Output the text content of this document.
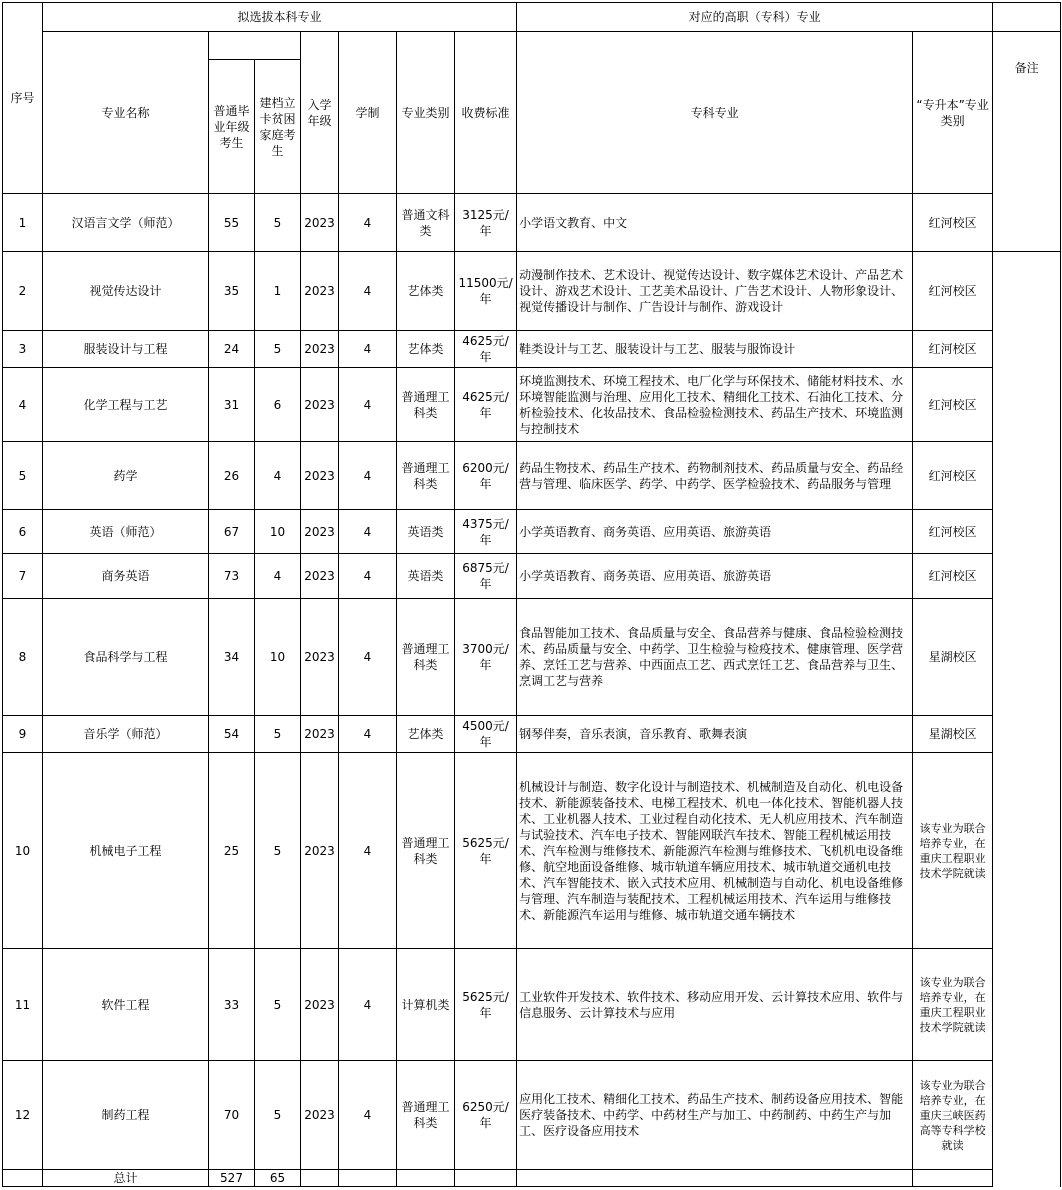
序号	拟选拔本科专业							对应的高职（专科）专业			
	专业名称			入学年级	学制	专业类别	收费标准	专科专业	“专升本”专业类别	备注	
		普通毕业年级考生	建档立卡贫困家庭考生								
1	汉语言文学（师范）	55	5	2023	4	普通文科类	3125元/年	小学语文教育、中文	红河校区		
2	视觉传达设计	35	1	2023	4	艺体类	11500元/年	动漫制作技术、艺术设计、视觉传达设计、数字媒体艺术设计、产品艺术设计、游戏艺术设计、工艺美术品设计、广告艺术设计、人物形象设计、视觉传播设计与制作、广告设计与制作、游戏设计	红河校区		
3	服装设计与工程	24	5	2023	4	艺体类	4625元/年	鞋类设计与工艺、服装设计与工艺、服装与服饰设计	红河校区		
4	化学工程与工艺	31	6	2023	4	普通理工科类	4625元/年	环境监测技术、环境工程技术、电厂化学与环保技术、储能材料技术、水环境智能监测与治理、应用化工技术、精细化工技术、石油化工技术、分析检验技术、化妆品技术、食品检验检测技术、药品生产技术、环境监测与控制技术	红河校区		
5	药学	26	4	2023	4	普通理工科类	6200元/年	药品生物技术、药品生产技术、药物制剂技术、药品质量与安全、药品经营与管理、临床医学、药学、中药学、医学检验技术、药品服务与管理	红河校区		
6	英语（师范）	67	10	2023	4	英语类	4375元/年	小学英语教育、商务英语、应用英语、旅游英语	红河校区		
7	商务英语	73	4	2023	4	英语类	6875元/年	小学英语教育、商务英语、应用英语、旅游英语	红河校区		
8	食品科学与工程	34	10	2023	4	普通理工科类	3700元/年	食品智能加工技术、食品质量与安全、食品营养与健康、食品检验检测技术、药品质量与安全、中药学、卫生检验与检疫技术、健康管理、医学营养、烹饪工艺与营养、中西面点工艺、西式烹饪工艺、食品营养与卫生、烹调工艺与营养	星湖校区		
9	音乐学（师范）	54	5	2023	4	艺体类	4500元/年	钢琴伴奏，音乐表演，音乐教育、歌舞表演	星湖校区		
10	机械电子工程	25	5	2023	4	普通理工科类	5625元/年	机械设计与制造、数字化设计与制造技术、机械制造及自动化、机电设备技术、新能源装备技术、电梯工程技术、机电一体化技术、智能机器人技术、工业机器人技术、工业过程自动化技术、无人机应用技术、汽车制造与试验技术、汽车电子技术、智能网联汽车技术、智能工程机械运用技术、汽车检测与维修技术、新能源汽车检测与维修技术、飞机机电设备维修、航空地面设备维修、城市轨道车辆应用技术、城市轨道交通机电技术、汽车智能技术、嵌入式技术应用、机械制造与自动化、机电设备维修与管理、汽车制造与装配技术、工程机械运用技术、汽车运用与维修技术、新能源汽车运用与维修、城市轨道交通车辆技术	该专业为联合培养专业，在重庆工程职业技术学院就读		
11	软件工程	33	5	2023	4	计算机类	5625元/年	工业软件开发技术、软件技术、移动应用开发、云计算技术应用、软件与信息服务、云计算技术与应用	该专业为联合培养专业，在重庆工程职业技术学院就读		
12	制药工程	70	5	2023	4	普通理工科类	6250元/年	应用化工技术、精细化工技术、药品生产技术、制药设备应用技术、智能医疗装备技术、中药学、中药材生产与加工、中药制药、中药生产与加工、医疗设备应用技术	该专业为联合培养专业，在重庆三峡医药高等专科学校就读		
	总计	527	65								
